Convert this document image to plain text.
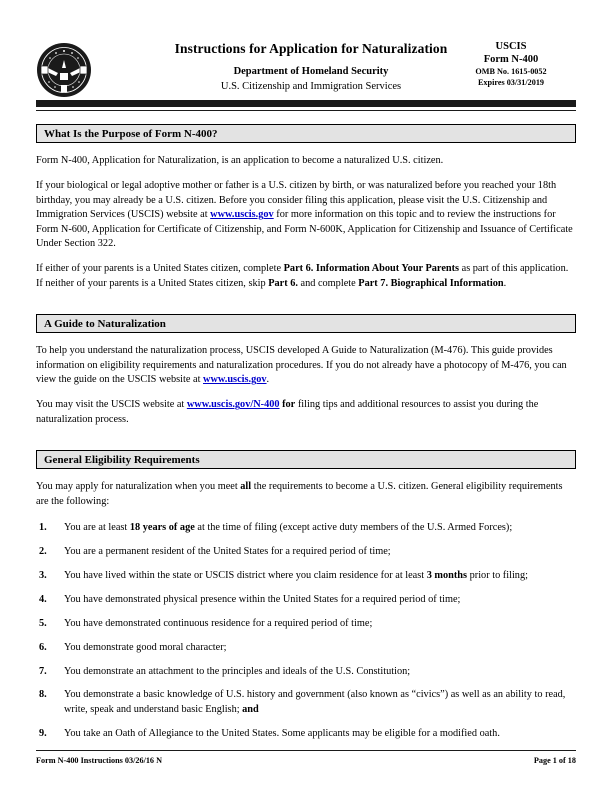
Instructions for Application for Naturalization
Department of Homeland Security
U.S. Citizenship and Immigration Services
USCIS
Form N-400
OMB No. 1615-0052
Expires 03/31/2019
What Is the Purpose of Form N-400?

Form N-400, Application for Naturalization, is an application to become a naturalized U.S. citizen.

If your biological or legal adoptive mother or father is a U.S. citizen by birth, or was naturalized before you reached your 18th birthday, you may already be a U.S. citizen. Before you consider filing this application, please visit the U.S. Citizenship and Immigration Services (USCIS) website at www.uscis.gov for more information on this topic and to review the instructions for Form N-600, Application for Certificate of Citizenship, and Form N-600K, Application for Citizenship and Issuance of Certificate Under Section 322.

If either of your parents is a United States citizen, complete Part 6. Information About Your Parents as part of this application. If neither of your parents is a United States citizen, skip Part 6. and complete Part 7. Biographical Information.

A Guide to Naturalization

To help you understand the naturalization process, USCIS developed A Guide to Naturalization (M-476). This guide provides information on eligibility requirements and naturalization procedures. If you do not already have a photocopy of M-476, you can view the guide on the USCIS website at www.uscis.gov.

You may visit the USCIS website at www.uscis.gov/N-400 for filing tips and additional resources to assist you during the naturalization process.

General Eligibility Requirements

You may apply for naturalization when you meet all the requirements to become a U.S. citizen. General eligibility requirements are the following:

1. You are at least 18 years of age at the time of filing (except active duty members of the U.S. Armed Forces);
2. You are a permanent resident of the United States for a required period of time;
3. You have lived within the state or USCIS district where you claim residence for at least 3 months prior to filing;
4. You have demonstrated physical presence within the United States for a required period of time;
5. You have demonstrated continuous residence for a required period of time;
6. You demonstrate good moral character;
7. You demonstrate an attachment to the principles and ideals of the U.S. Constitution;
8. You demonstrate a basic knowledge of U.S. history and government (also known as “civics”) as well as an ability to read, write, speak and understand basic English; and
9. You take an Oath of Allegiance to the United States. Some applicants may be eligible for a modified oath.
Form N-400 Instructions 03/26/16 N	Page 1 of 18
